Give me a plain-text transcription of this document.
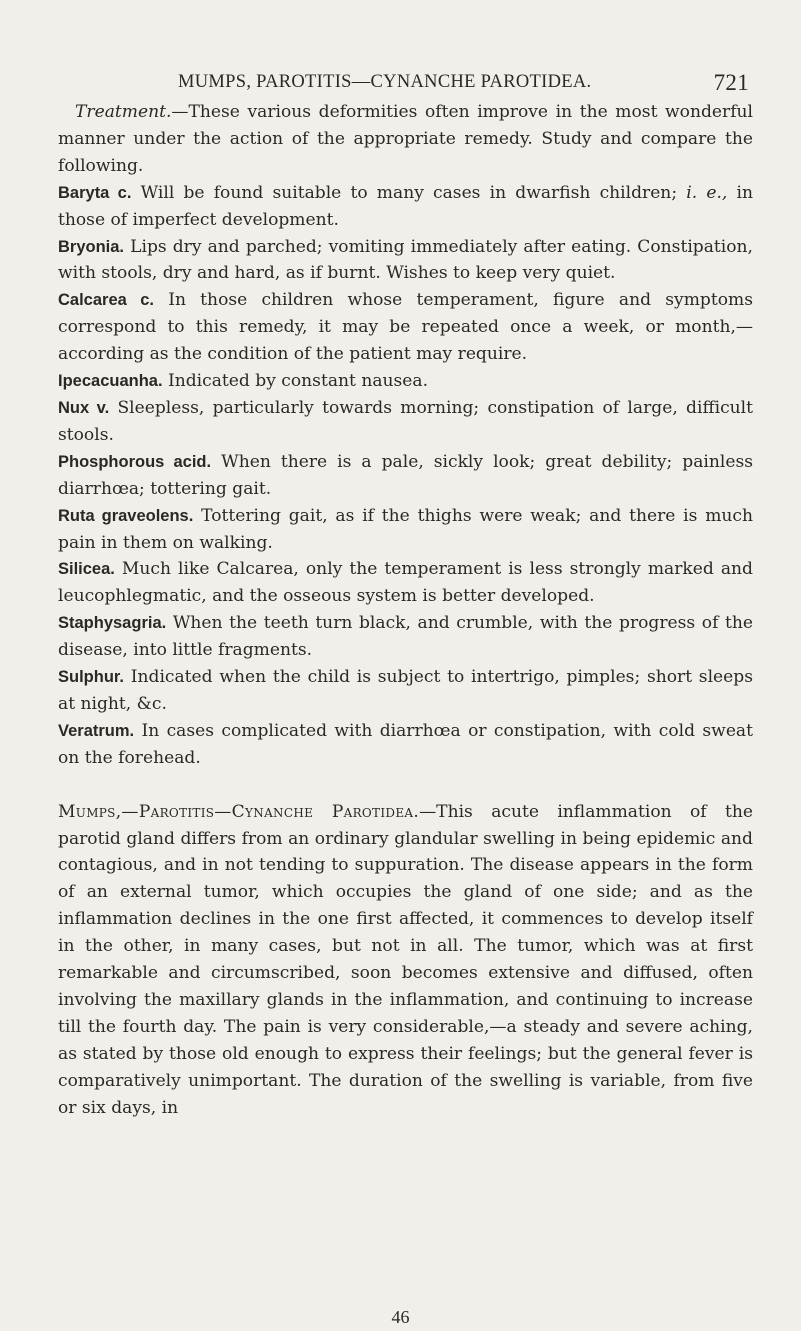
MUMPS, PAROTITIS—CYNANCHE PAROTIDEA.	721

Treatment.—These various deformities often improve in the most wonderful manner under the action of the appropriate remedy. Study and compare the following.

Baryta c. Will be found suitable to many cases in dwarfish children; i. e., in those of imperfect development.

Bryonia. Lips dry and parched; vomiting immediately after eating. Constipation, with stools, dry and hard, as if burnt. Wishes to keep very quiet.

Calcarea c. In those children whose temperament, figure and symptoms correspond to this remedy, it may be repeated once a week, or month,—according as the condition of the patient may require.

Ipecacuanha. Indicated by constant nausea.

Nux v. Sleepless, particularly towards morning; constipation of large, difficult stools.

Phosphorous acid. When there is a pale, sickly look; great debility; painless diarrhœa; tottering gait.

Ruta graveolens. Tottering gait, as if the thighs were weak; and there is much pain in them on walking.

Silicea. Much like Calcarea, only the temperament is less strongly marked and leucophlegmatic, and the osseous system is better developed.

Staphysagria. When the teeth turn black, and crumble, with the progress of the disease, into little fragments.

Sulphur. Indicated when the child is subject to intertrigo, pimples; short sleeps at night, &c.

Veratrum. In cases complicated with diarrhœa or constipation, with cold sweat on the forehead.

Mumps,—Parotitis—Cynanche Parotidea.—This acute inflammation of the parotid gland differs from an ordinary glandular swelling in being epidemic and contagious, and in not tending to suppuration. The disease appears in the form of an external tumor, which occupies the gland of one side; and as the inflammation declines in the one first affected, it commences to develop itself in the other, in many cases, but not in all. The tumor, which was at first remarkable and circumscribed, soon becomes extensive and diffused, often involving the maxillary glands in the inflammation, and continuing to increase till the fourth day. The pain is very considerable,—a steady and severe aching, as stated by those old enough to express their feelings; but the general fever is comparatively unimportant. The duration of the swelling is variable, from five or six days, in

46
